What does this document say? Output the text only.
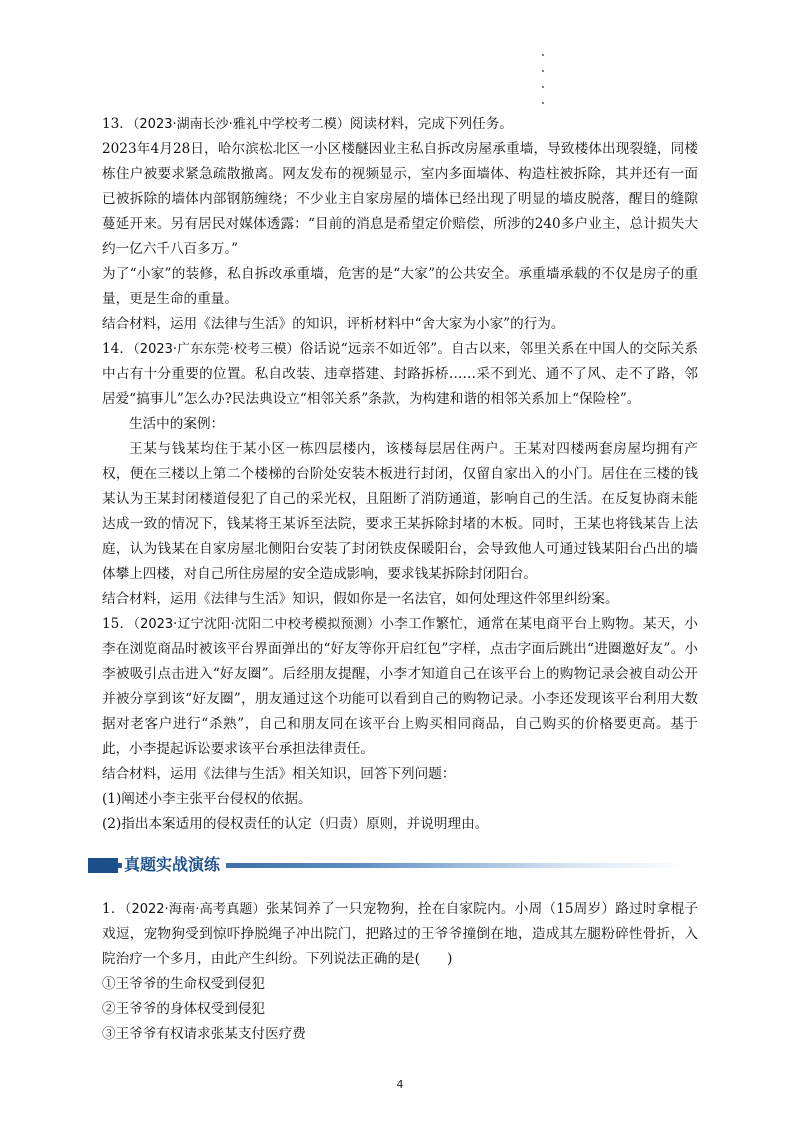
13．（2023·湖南长沙·雅礼中学校考二模）阅读材料，完成下列任务。

2023年4月28日，哈尔滨松北区一小区楼醚因业主私自拆改房屋承重墙，导致楼体出现裂缝，同楼栋住户被要求紧急疏散撤离。网友发布的视频显示，室内多面墙体、构造柱被拆除，其并还有一面已被拆除的墙体内部钢筋缠绕；不少业主自家房屋的墙体已经出现了明显的墙皮脱落，醒目的缝隙蔓延开来。另有居民对媒体透露：“目前的消息是希望定价赔偿，所涉的240多户业主，总计损失大约一亿六千八百多万。”

为了“小家”的装修，私自拆改承重墙，危害的是“大家”的公共安全。承重墙承载的不仅是房子的重量，更是生命的重量。

结合材料，运用《法律与生活》的知识，评析材料中“舍大家为小家”的行为。

14．（2023·广东东莞·校考三模）俗话说“远亲不如近邻”。自古以来，邻里关系在中国人的交际关系中占有十分重要的位置。私自改装、违章搭建、封路拆桥……采不到光、通不了风、走不了路，邻居爱“搞事儿”怎么办?民法典设立“相邻关系”条款，为构建和谐的相邻关系加上“保险栓”。

生活中的案例：

王某与钱某均住于某小区一栋四层楼内，该楼每层居住两户。王某对四楼两套房屋均拥有产权，便在三楼以上第二个楼梯的台阶处安装木板进行封闭，仅留自家出入的小门。居住在三楼的钱某认为王某封闭楼道侵犯了自己的采光权，且阻断了消防通道，影响自己的生活。在反复协商未能达成一致的情况下，钱某将王某诉至法院，要求王某拆除封堵的木板。同时，王某也将钱某告上法庭，认为钱某在自家房屋北侧阳台安装了封闭铁皮保暖阳台，会导致他人可通过钱某阳台凸出的墙体攀上四楼，对自己所住房屋的安全造成影响，要求钱某拆除封闭阳台。

结合材料，运用《法律与生活》知识，假如你是一名法官，如何处理这件邻里纠纷案。

15．（2023·辽宁沈阳·沈阳二中校考模拟预测）小李工作繁忙，通常在某电商平台上购物。某天，小李在浏览商品时被该平台界面弹出的“好友等你开启红包”字样，点击字面后跳出“进圈邀好友”。小李被吸引点击进入“好友圈”。后经朋友提醒，小李才知道自己在该平台上的购物记录会被自动公开并被分享到该“好友圈”，朋友通过这个功能可以看到自己的购物记录。小李还发现该平台利用大数据对老客户进行“杀熟”，自己和朋友同在该平台上购买相同商品，自己购买的价格要更高。基于此，小李提起诉讼要求该平台承担法律责任。

结合材料，运用《法律与生活》相关知识，回答下列问题：

(1)阐述小李主张平台侵权的依据。

(2)指出本案适用的侵权责任的认定（归责）原则，并说明理由。

真题实战演练

1．（2022·海南·高考真题）张某饲养了一只宠物狗，拴在自家院内。小周（15周岁）路过时拿棍子戏逗，宠物狗受到惊吓挣脱绳子冲出院门，把路过的王爷爷撞倒在地，造成其左腿粉碎性骨折，入院治疗一个多月，由此产生纠纷。下列说法正确的是(　　)

①王爷爷的生命权受到侵犯

②王爷爷的身体权受到侵犯

③王爷爷有权请求张某支付医疗费

4
